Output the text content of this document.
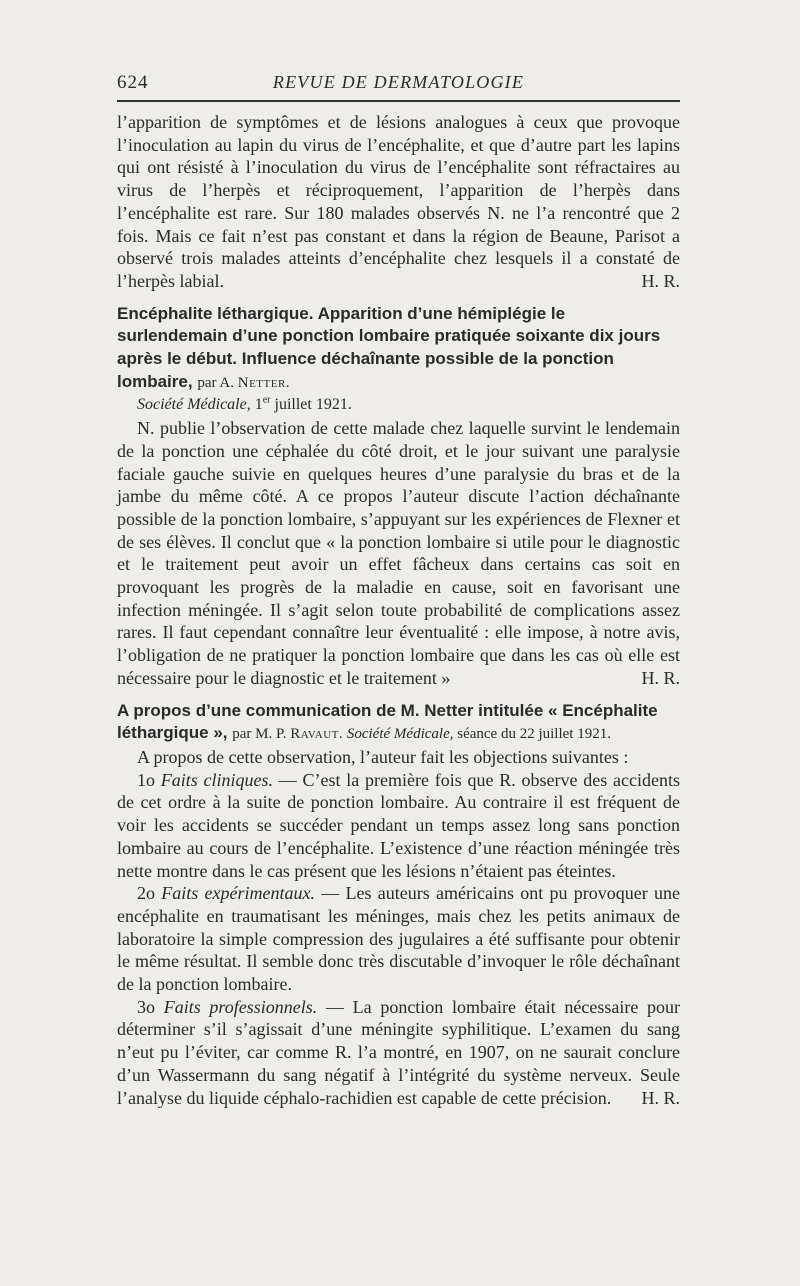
624	REVUE DE DERMATOLOGIE

l’apparition de symptômes et de lésions analogues à ceux que provoque l’inoculation au lapin du virus de l’encéphalite, et que d’autre part les lapins qui ont résisté à l’inoculation du virus de l’encéphalite sont réfractaires au virus de l’herpès et réciproquement, l’apparition de l’herpès dans l’encéphalite est rare. Sur 180 malades observés N. ne l’a rencontré que 2 fois. Mais ce fait n’est pas constant et dans la région de Beaune, Parisot a observé trois malades atteints d’encéphalite chez lesquels il a constaté de l’herpès labial.	H. R.

Encéphalite léthargique. Apparition d’une hémiplégie le surlendemain d’une ponction lombaire pratiquée soixante dix jours après le début. Influence déchaînante possible de la ponction lombaire, par A. Netter.
Société Médicale, 1er juillet 1921.

N. publie l’observation de cette malade chez laquelle survint le lendemain de la ponction une céphalée du côté droit, et le jour suivant une paralysie faciale gauche suivie en quelques heures d’une paralysie du bras et de la jambe du même côté. A ce propos l’auteur discute l’action déchaînante possible de la ponction lombaire, s’appuyant sur les expériences de Flexner et de ses élèves. Il conclut que « la ponction lombaire si utile pour le diagnostic et le traitement peut avoir un effet fâcheux dans certains cas soit en provoquant les progrès de la maladie en cause, soit en favorisant une infection méningée. Il s’agit selon toute probabilité de complications assez rares. Il faut cependant connaître leur éventualité : elle impose, à notre avis, l’obligation de ne pratiquer la ponction lombaire que dans les cas où elle est nécessaire pour le diagnostic et le traitement »	H. R.

A propos d’une communication de M. Netter intitulée « Encéphalite léthargique », par M. P. Ravaut. Société Médicale, séance du 22 juillet 1921.

A propos de cette observation, l’auteur fait les objections suivantes :

1o Faits cliniques. — C’est la première fois que R. observe des accidents de cet ordre à la suite de ponction lombaire. Au contraire il est fréquent de voir les accidents se succéder pendant un temps assez long sans ponction lombaire au cours de l’encéphalite. L’existence d’une réaction méningée très nette montre dans le cas présent que les lésions n’étaient pas éteintes.

2o Faits expérimentaux. — Les auteurs américains ont pu provoquer une encéphalite en traumatisant les méninges, mais chez les petits animaux de laboratoire la simple compression des jugulaires a été suffisante pour obtenir le même résultat. Il semble donc très discutable d’invoquer le rôle déchaînant de la ponction lombaire.

3o Faits professionnels. — La ponction lombaire était nécessaire pour déterminer s’il s’agissait d’une méningite syphilitique. L’examen du sang n’eut pu l’éviter, car comme R. l’a montré, en 1907, on ne saurait conclure d’un Wassermann du sang négatif à l’intégrité du système nerveux. Seule l’analyse du liquide céphalo-rachidien est capable de cette précision.	H. R.
